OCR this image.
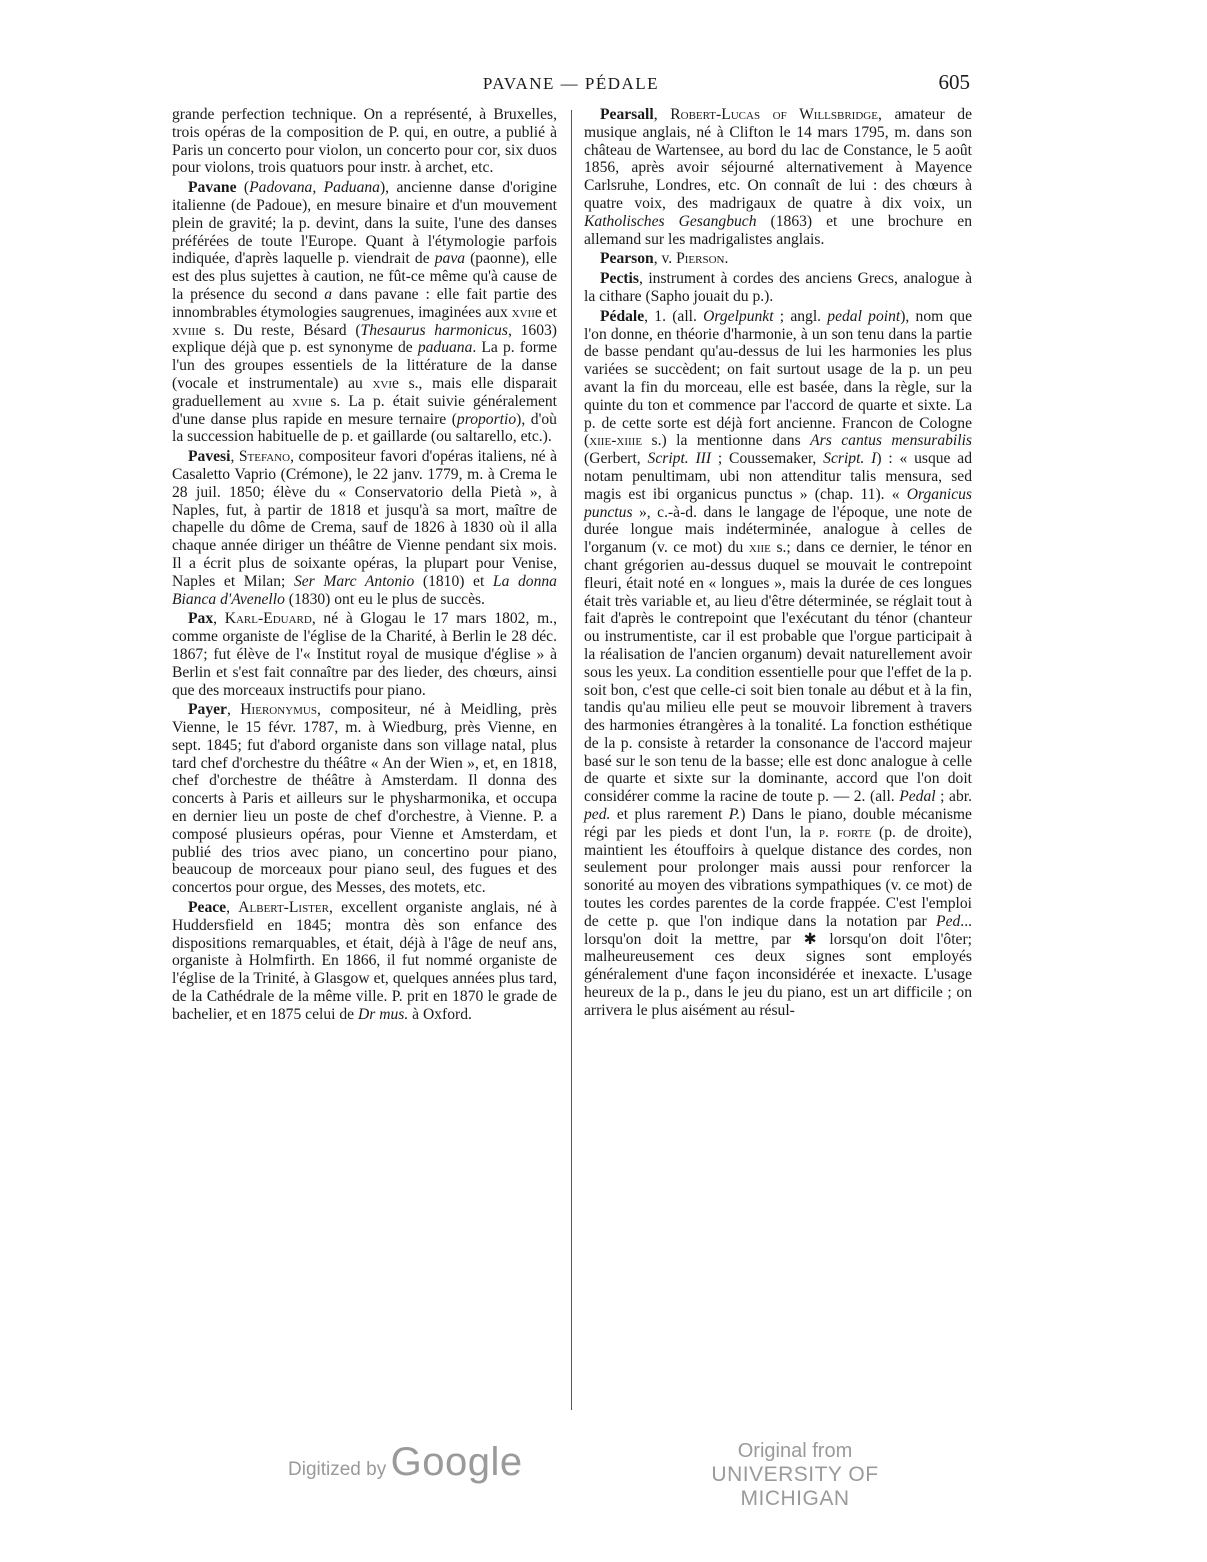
PAVANE — PÉDALE	605

grande perfection technique. On a représenté, à Bruxelles, trois opéras de la composition de P. qui, en outre, a publié à Paris un concerto pour violon, un concerto pour cor, six duos pour violons, trois quatuors pour instr. à archet, etc.

Pavane (Padovana, Paduana), ancienne danse d'origine italienne (de Padoue), en mesure binaire et d'un mouvement plein de gravité; la p. devint, dans la suite, l'une des danses préférées de toute l'Europe. Quant à l'étymologie parfois indiquée, d'après laquelle p. viendrait de pava (paonne), elle est des plus sujettes à caution, ne fût-ce même qu'à cause de la présence du second a dans pavane : elle fait partie des innombrables étymologies saugrenues, imaginées aux xviie et xviiie s. Du reste, Bésard (Thesaurus harmonicus, 1603) explique déjà que p. est synonyme de paduana. La p. forme l'un des groupes essentiels de la littérature de la danse (vocale et instrumentale) au xvie s., mais elle disparait graduellement au xviie s. La p. était suivie généralement d'une danse plus rapide en mesure ternaire (proportio), d'où la succession habituelle de p. et gaillarde (ou saltarello, etc.).

Pavesi, Stefano, compositeur favori d'opéras italiens, né à Casaletto Vaprio (Crémone), le 22 janv. 1779, m. à Crema le 28 juil. 1850; élève du « Conservatorio della Pietà », à Naples, fut, à partir de 1818 et jusqu'à sa mort, maître de chapelle du dôme de Crema, sauf de 1826 à 1830 où il alla chaque année diriger un théâtre de Vienne pendant six mois. Il a écrit plus de soixante opéras, la plupart pour Venise, Naples et Milan; Ser Marc Antonio (1810) et La donna Bianca d'Avenello (1830) ont eu le plus de succès.

Pax, Karl-Eduard, né à Glogau le 17 mars 1802, m., comme organiste de l'église de la Charité, à Berlin le 28 déc. 1867; fut élève de l'« Institut royal de musique d'église » à Berlin et s'est fait connaître par des lieder, des chœurs, ainsi que des morceaux instructifs pour piano.

Payer, Hieronymus, compositeur, né à Meidling, près Vienne, le 15 févr. 1787, m. à Wiedburg, près Vienne, en sept. 1845; fut d'abord organiste dans son village natal, plus tard chef d'orchestre du théâtre « An der Wien », et, en 1818, chef d'orchestre de théâtre à Amsterdam. Il donna des concerts à Paris et ailleurs sur le physharmonika, et occupa en dernier lieu un poste de chef d'orchestre, à Vienne. P. a composé plusieurs opéras, pour Vienne et Amsterdam, et publié des trios avec piano, un concertino pour piano, beaucoup de morceaux pour piano seul, des fugues et des concertos pour orgue, des Messes, des motets, etc.

Peace, Albert-Lister, excellent organiste anglais, né à Huddersfield en 1845; montra dès son enfance des dispositions remarquables, et était, déjà à l'âge de neuf ans, organiste à Holmfirth. En 1866, il fut nommé organiste de l'église de la Trinité, à Glasgow et, quelques années plus tard, de la Cathédrale de la même ville. P. prit en 1870 le grade de bachelier, et en 1875 celui de Dr mus. à Oxford.

Pearsall, Robert-Lucas of Willsbridge, amateur de musique anglais, né à Clifton le 14 mars 1795, m. dans son château de Wartensee, au bord du lac de Constance, le 5 août 1856, après avoir séjourné alternativement à Mayence Carlsruhe, Londres, etc. On connaît de lui : des chœurs à quatre voix, des madrigaux de quatre à dix voix, un Katholisches Gesangbuch (1863) et une brochure en allemand sur les madrigalistes anglais.

Pearson, v. Pierson.

Pectis, instrument à cordes des anciens Grecs, analogue à la cithare (Sapho jouait du p.).

Pédale, 1. (all. Orgelpunkt ; angl. pedal point), nom que l'on donne, en théorie d'harmonie, à un son tenu dans la partie de basse pendant qu'au-dessus de lui les harmonies les plus variées se succèdent; on fait surtout usage de la p. un peu avant la fin du morceau, elle est basée, dans la règle, sur la quinte du ton et commence par l'accord de quarte et sixte. La p. de cette sorte est déjà fort ancienne. Francon de Cologne (xiie-xiiie s.) la mentionne dans Ars cantus mensurabilis (Gerbert, Script. III ; Coussemaker, Script. I) : « usque ad notam penultimam, ubi non attenditur talis mensura, sed magis est ibi organicus punctus » (chap. 11). « Organicus punctus », c.-à-d. dans le langage de l'époque, une note de durée longue mais indéterminée, analogue à celles de l'organum (v. ce mot) du xiie s.; dans ce dernier, le ténor en chant grégorien au-dessus duquel se mouvait le contrepoint fleuri, était noté en « longues », mais la durée de ces longues était très variable et, au lieu d'être déterminée, se réglait tout à fait d'après le contrepoint que l'exécutant du ténor (chanteur ou instrumentiste, car il est probable que l'orgue participait à la réalisation de l'ancien organum) devait naturellement avoir sous les yeux. La condition essentielle pour que l'effet de la p. soit bon, c'est que celle-ci soit bien tonale au début et à la fin, tandis qu'au milieu elle peut se mouvoir librement à travers des harmonies étrangères à la tonalité. La fonction esthétique de la p. consiste à retarder la consonance de l'accord majeur basé sur le son tenu de la basse; elle est donc analogue à celle de quarte et sixte sur la dominante, accord que l'on doit considérer comme la racine de toute p. — 2. (all. Pedal ; abr. ped. et plus rarement P.) Dans le piano, double mécanisme régi par les pieds et dont l'un, la p. forte (p. de droite), maintient les étouffoirs à quelque distance des cordes, non seulement pour prolonger mais aussi pour renforcer la sonorité au moyen des vibrations sympathiques (v. ce mot) de toutes les cordes parentes de la corde frappée. C'est l'emploi de cette p. que l'on indique dans la notation par Ped... lorsqu'on doit la mettre, par ✱ lorsqu'on doit l'ôter; malheureusement ces deux signes sont employés généralement d'une façon inconsidérée et inexacte. L'usage heureux de la p., dans le jeu du piano, est un art difficile ; on arrivera le plus aisément au résul-

Digitized by Google	Original from
UNIVERSITY OF MICHIGAN
